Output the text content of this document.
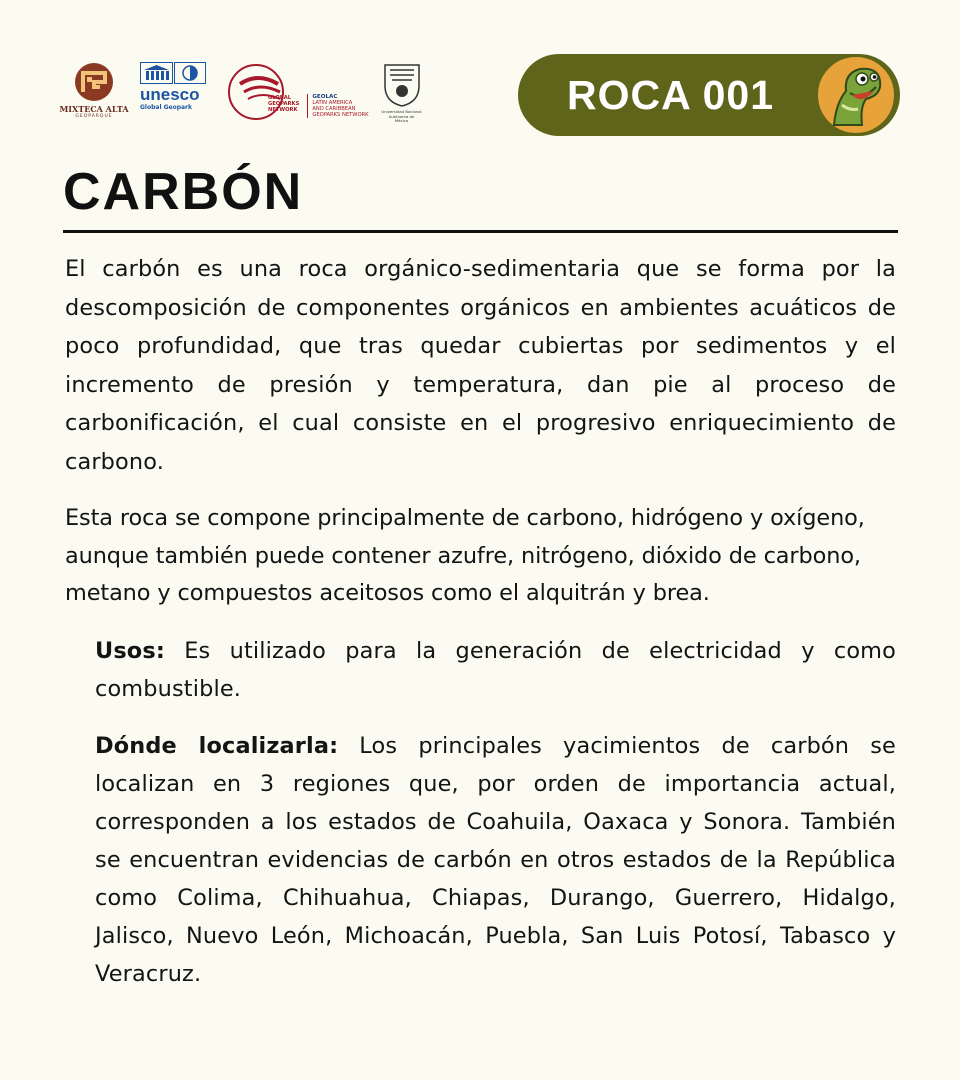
MIXTECA ALTA
GEOPARQUE
unesco
Global Geopark
GLOBAL
GEOPARKS
NETWORK
GEOLAC
LATIN AMERICA
AND CARIBBEAN
GEOPARKS NETWORK
Universidad Nacional
Autónoma de
México
ROCA 001
CARBÓN

El carbón es una roca orgánico-sedimentaria que se forma por la descomposición de componentes orgánicos en ambientes acuáticos de poco profundidad, que tras quedar cubiertas por sedimentos y el incremento de presión y temperatura, dan pie al proceso de carbonificación, el cual consiste en el progresivo enriquecimiento de carbono.

Esta roca se compone principalmente de carbono, hidrógeno y oxígeno, aunque también puede contener azufre, nitrógeno, dióxido de carbono, metano y compuestos aceitosos como el alquitrán y brea.

Usos: Es utilizado para la generación de electricidad y como combustible.

Dónde localizarla: Los principales yacimientos de carbón se localizan en 3 regiones que, por orden de importancia actual, corresponden a los estados de Coahuila, Oaxaca y Sonora. También se encuentran evidencias de carbón en otros estados de la República como Colima, Chihuahua, Chiapas, Durango, Guerrero, Hidalgo, Jalisco, Nuevo León, Michoacán, Puebla, San Luis Potosí, Tabasco y Veracruz.
